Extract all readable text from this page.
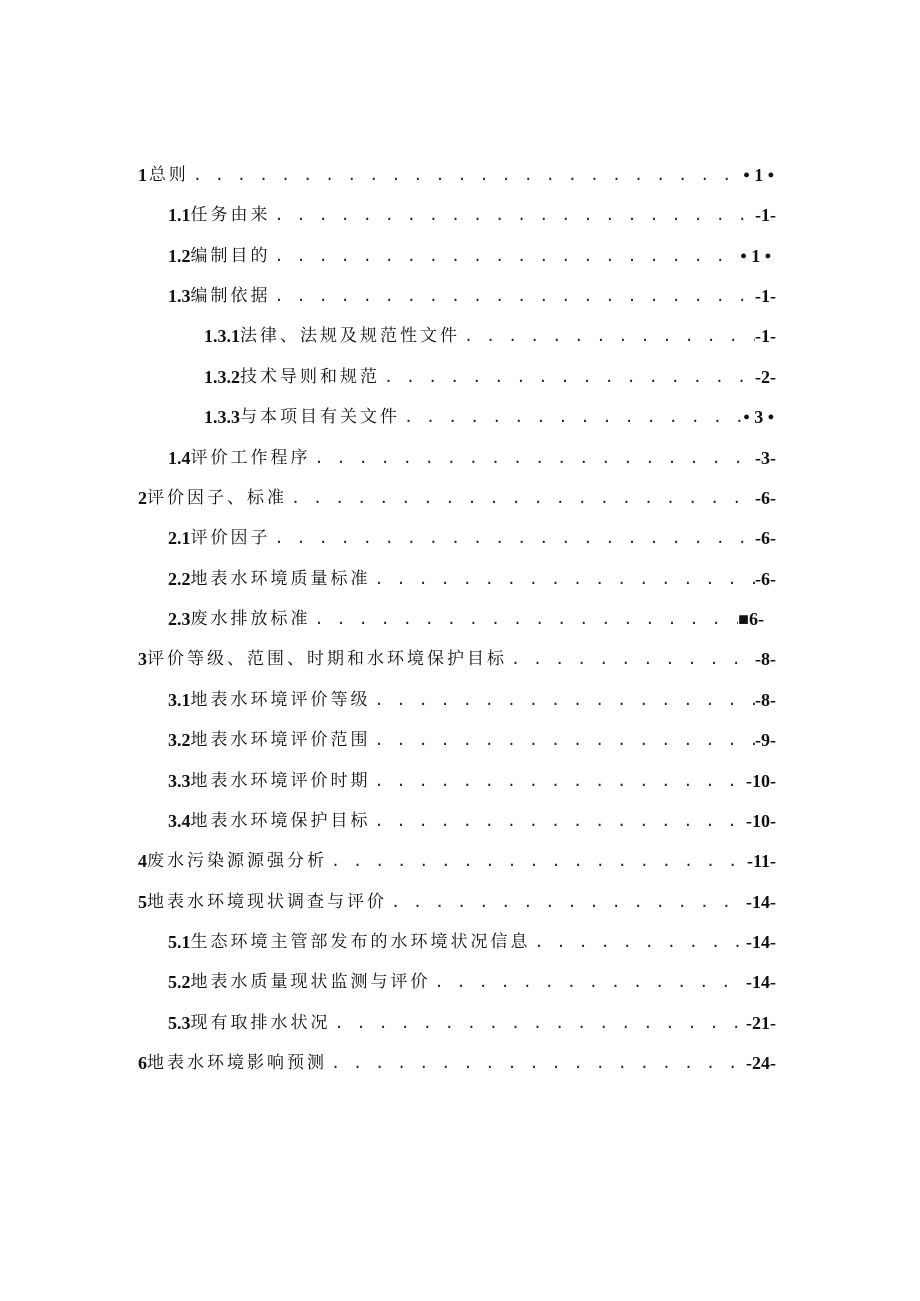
1 总则 . . .	• 1 •
1.1 任务由来 . . .	-1-
1.2 编制目的 . . .	• 1 •
1.3 编制依据 . . .	-1-
1.3.1 法律、法规及规范性文件 . . .	-1-
1.3.2 技术导则和规范 . . .	-2-
1.3.3 与本项目有关文件 . . .	• 3 •
1.4 评价工作程序 . . .	-3-
2 评价因子、标准 . . .	-6-
2.1 评价因子 . . .	-6-
2.2 地表水环境质量标准 . . .	-6-
2.3 废水排放标准 . . .	■6-
3 评价等级、范围、时期和水环境保护目标 . . .	-8-
3.1 地表水环境评价等级 . . .	-8-
3.2 地表水环境评价范围 . . .	-9-
3.3 地表水环境评价时期 . . .	-10-
3.4 地表水环境保护目标 . . .	-10-
4 废水污染源源强分析 . . .	-11-
5 地表水环境现状调查与评价 . . .	-14-
5.1 生态环境主管部发布的水环境状况信息 . . .	-14-
5.2 地表水质量现状监测与评价 . . .	-14-
5.3 现有取排水状况 . . .	-21-
6 地表水环境影响预测 . . .	-24-
